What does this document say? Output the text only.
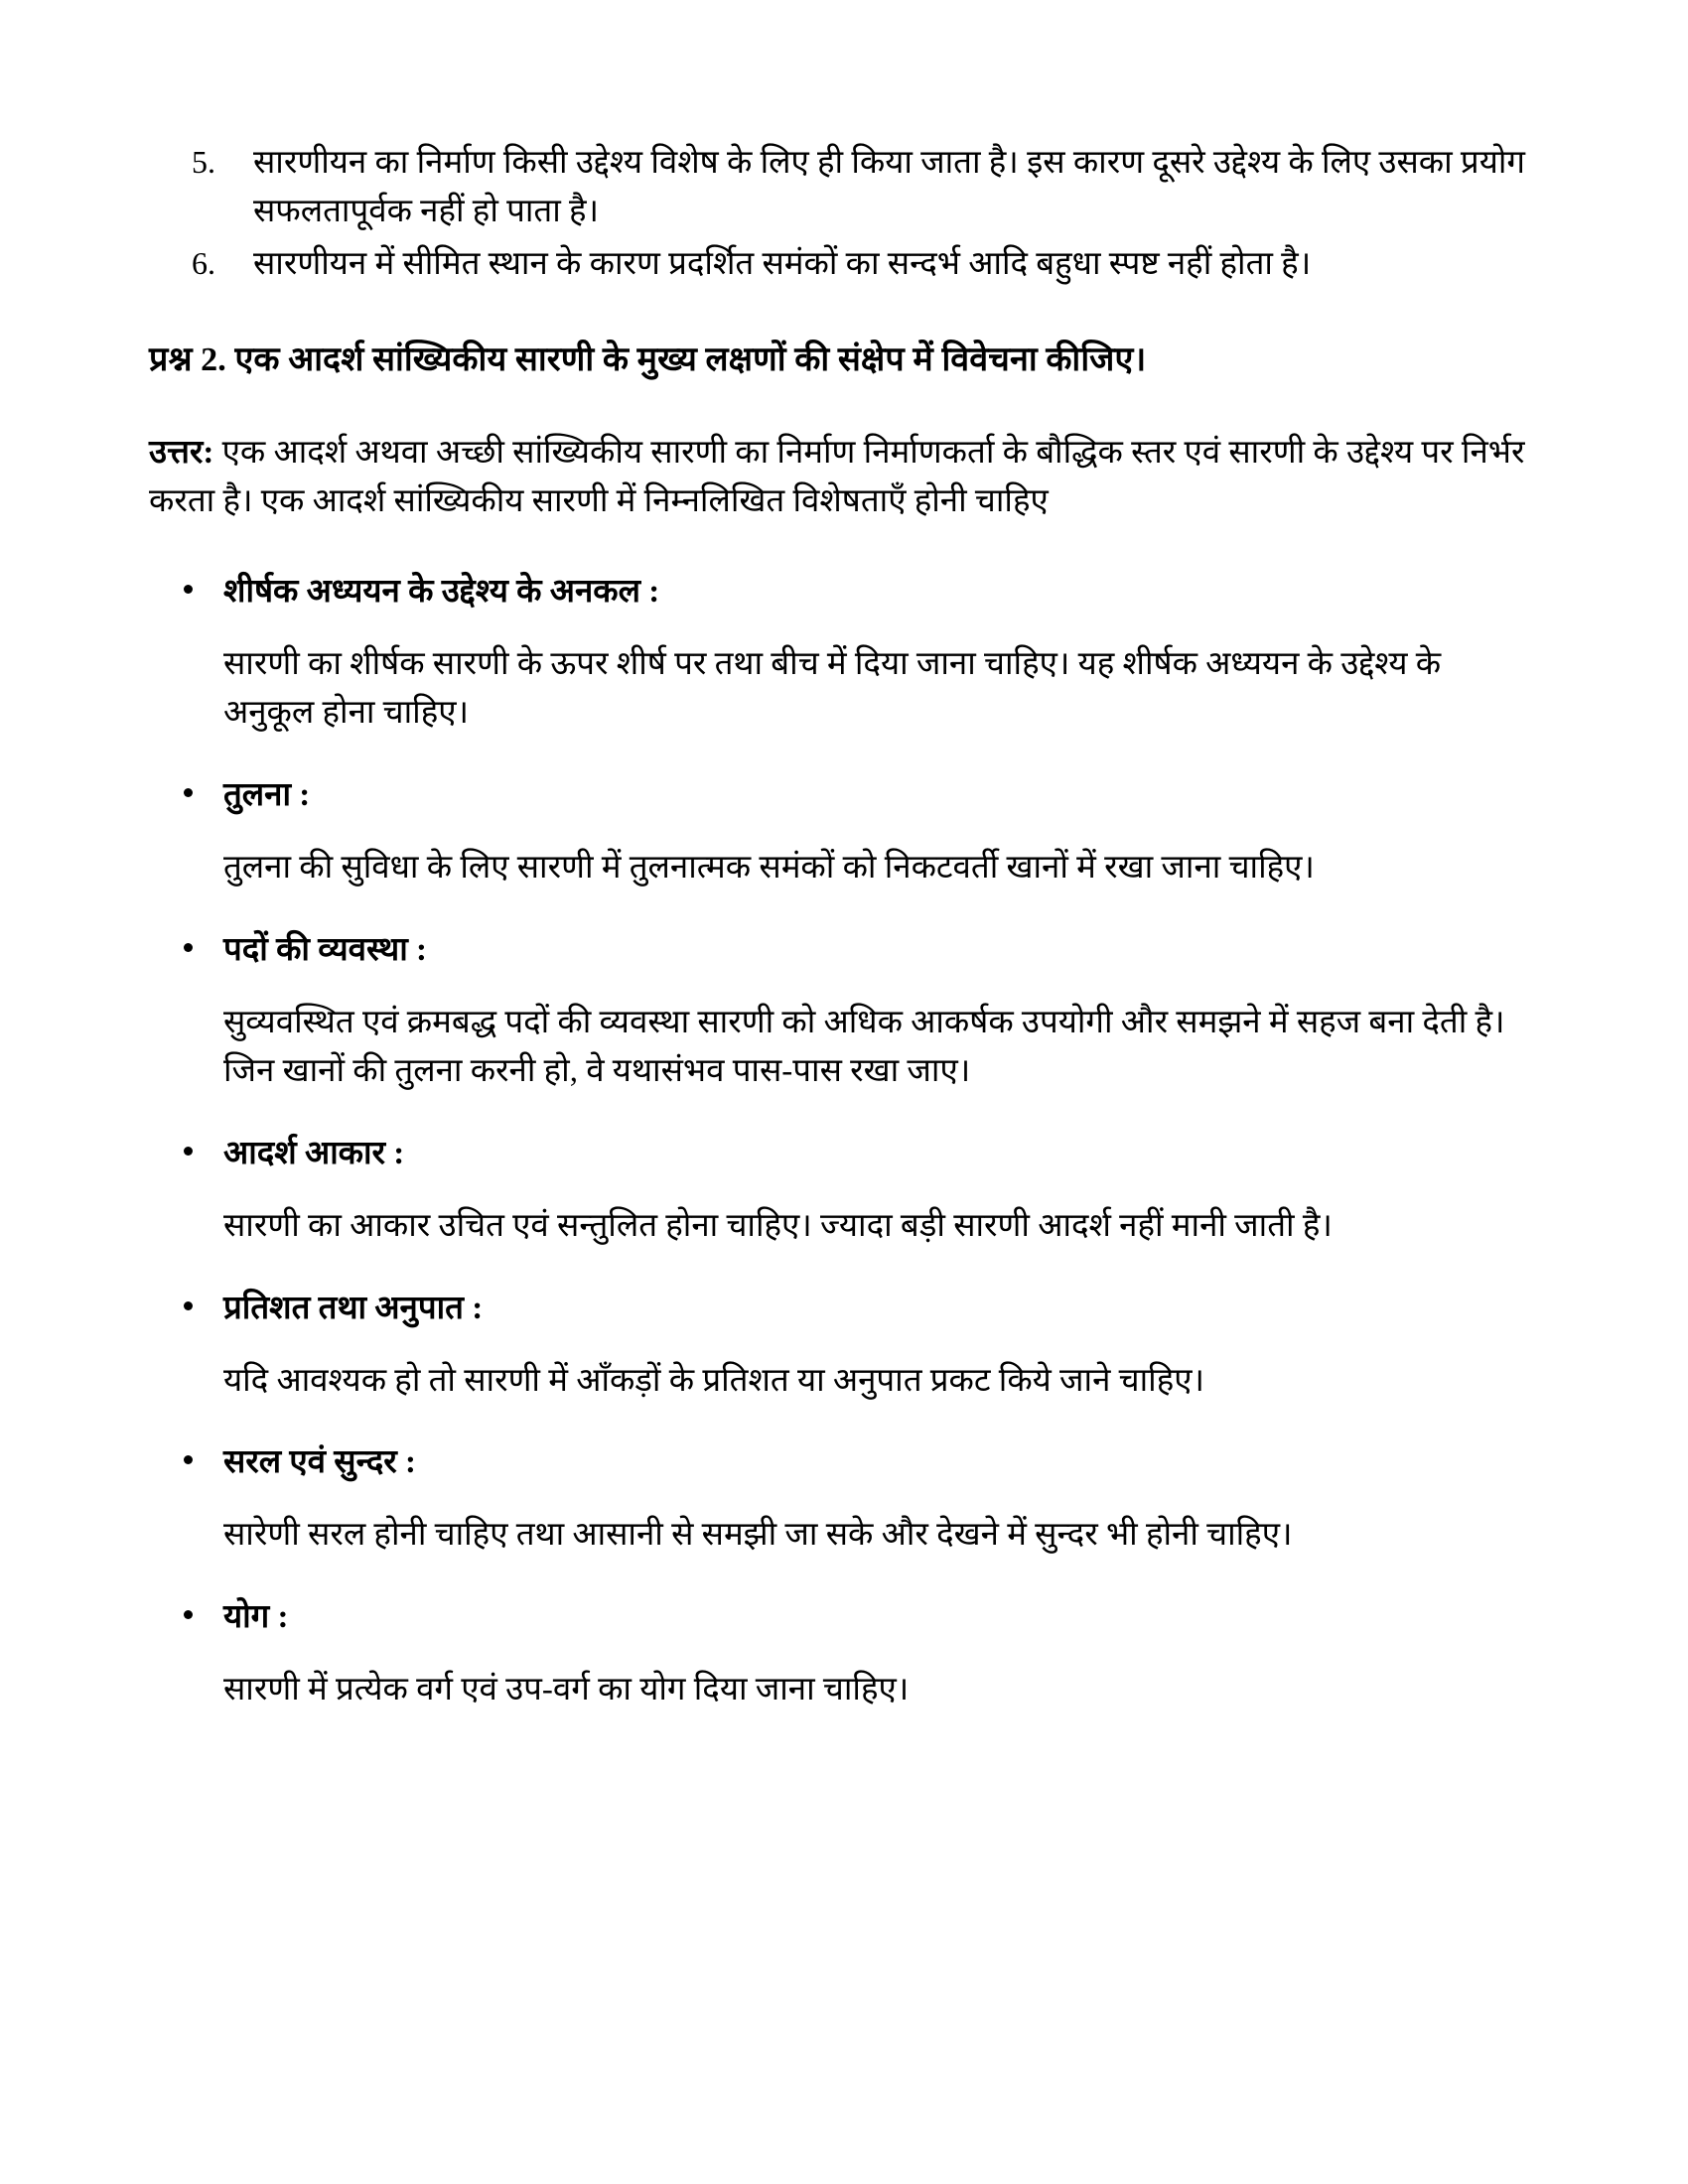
5. सारणीयन का निर्माण किसी उद्देश्य विशेष के लिए ही किया जाता है। इस कारण दूसरे उद्देश्य के लिए उसका प्रयोग सफलतापूर्वक नहीं हो पाता है।
6. सारणीयन में सीमित स्थान के कारण प्रदर्शित समंकों का सन्दर्भ आदि बहुधा स्पष्ट नहीं होता है।
प्रश्न 2. एक आदर्श सांख्यिकीय सारणी के मुख्य लक्षणों की संक्षेप में विवेचना कीजिए।
उत्तर: एक आदर्श अथवा अच्छी सांख्यिकीय सारणी का निर्माण निर्माणकर्ता के बौद्धिक स्तर एवं सारणी के उद्देश्य पर निर्भर करता है। एक आदर्श सांख्यिकीय सारणी में निम्नलिखित विशेषताएँ होनी चाहिए
शीर्षक अध्ययन के उद्देश्य के अनकल :
सारणी का शीर्षक सारणी के ऊपर शीर्ष पर तथा बीच में दिया जाना चाहिए। यह शीर्षक अध्ययन के उद्देश्य के अनुकूल होना चाहिए।
तुलना :
तुलना की सुविधा के लिए सारणी में तुलनात्मक समंकों को निकटवर्ती खानों में रखा जाना चाहिए।
पदों की व्यवस्था :
सुव्यवस्थित एवं क्रमबद्ध पदों की व्यवस्था सारणी को अधिक आकर्षक उपयोगी और समझने में सहज बना देती है। जिन खानों की तुलना करनी हो, वे यथासंभव पास-पास रखा जाए।
आदर्श आकार :
सारणी का आकार उचित एवं सन्तुलित होना चाहिए। ज्यादा बड़ी सारणी आदर्श नहीं मानी जाती है।
प्रतिशत तथा अनुपात :
यदि आवश्यक हो तो सारणी में आँकड़ों के प्रतिशत या अनुपात प्रकट किये जाने चाहिए।
सरल एवं सुन्दर :
सारेणी सरल होनी चाहिए तथा आसानी से समझी जा सके और देखने में सुन्दर भी होनी चाहिए।
योग :
सारणी में प्रत्येक वर्ग एवं उप-वर्ग का योग दिया जाना चाहिए।
